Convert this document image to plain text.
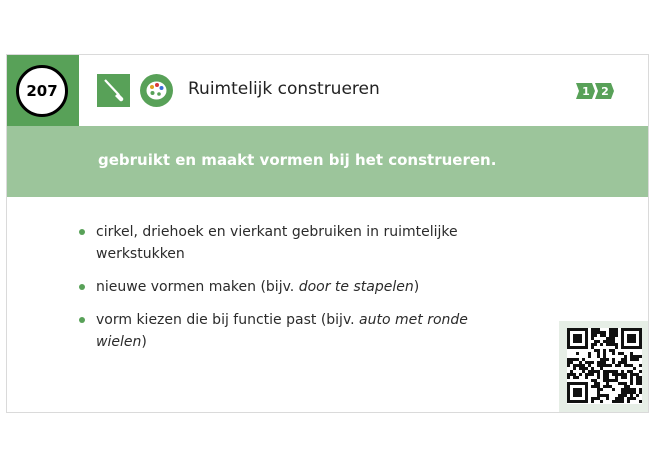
207	Ruimtelijk construeren	1 2
gebruikt en maakt vormen bij het construeren.
cirkel, driehoek en vierkant gebruiken in ruimtelijke werkstukken
nieuwe vormen maken (bijv. door te stapelen)
vorm kiezen die bij functie past (bijv. auto met ronde wielen)
